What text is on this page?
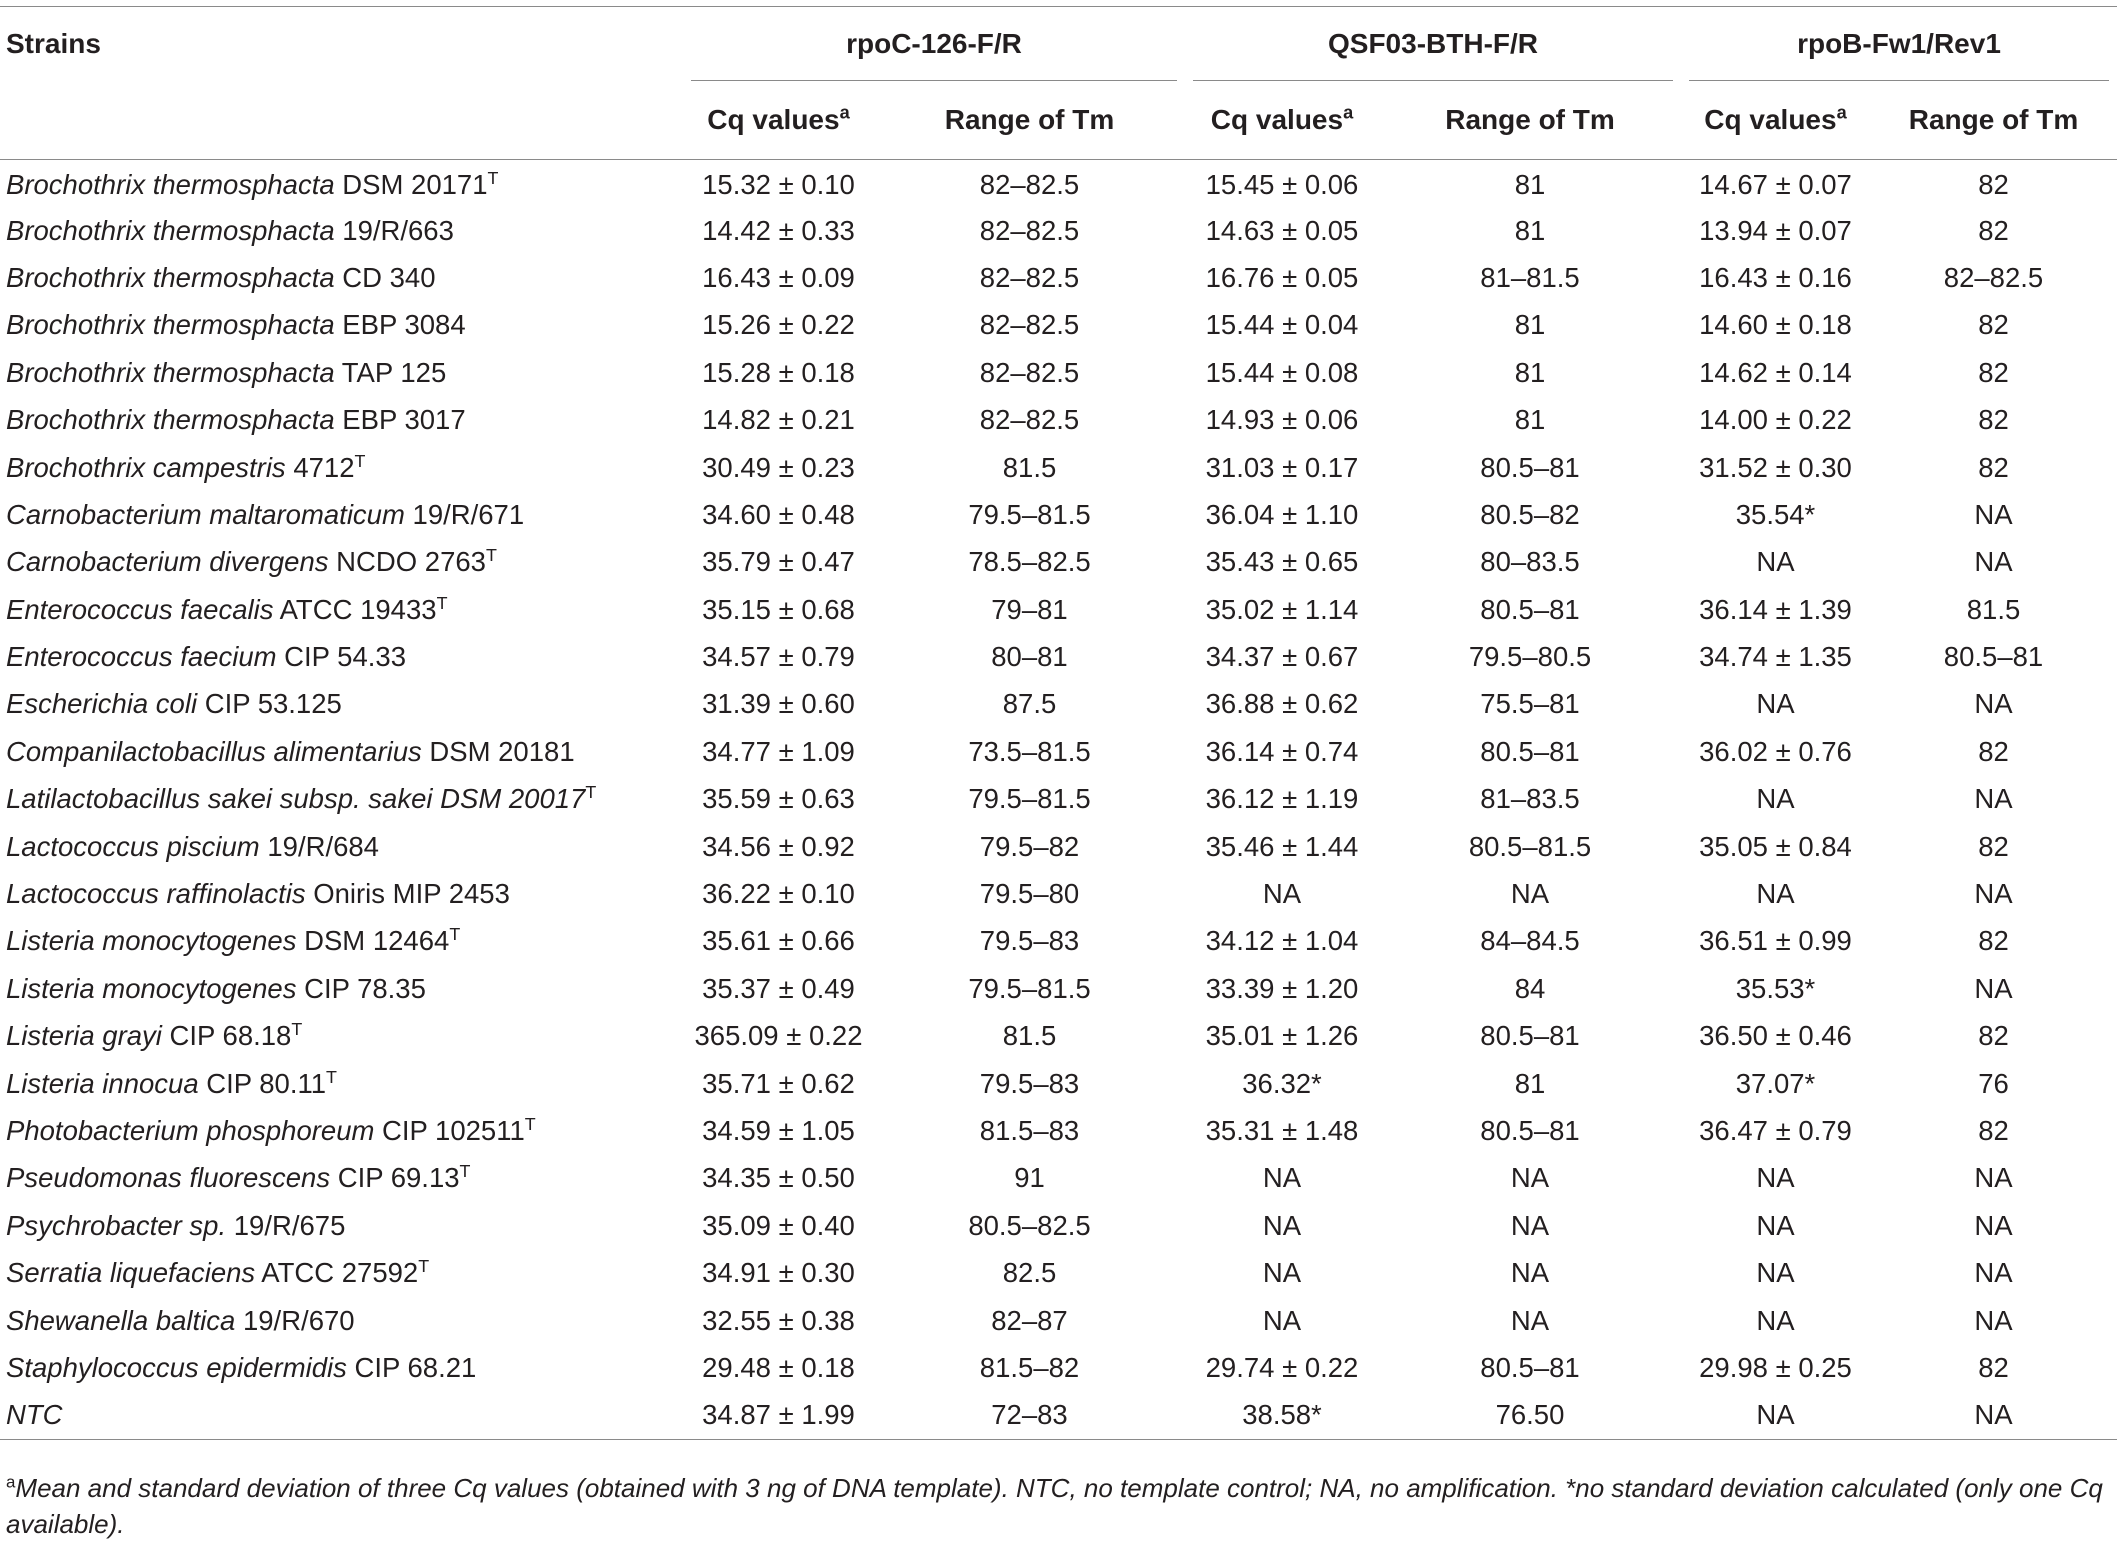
Strains	rpoC-126-F/R		QSF03-BTH-F/R		rpoB-Fw1/Rev1	

	Cq values$^a$	Range of Tm	Cq values$^a$	Range of Tm	Cq values$^a$	Range of Tm
Brochothrix thermosphacta DSM $20171^T$	15.32 ± 0.10	82–82.5	15.45 ± 0.06	81	14.67 ± 0.07	82
Brochothrix thermosphacta 19/R/663	14.42 ± 0.33	82–82.5	14.63 ± 0.05	81	13.94 ± 0.07	82
Brochothrix thermosphacta CD 340	16.43 ± 0.09	82–82.5	16.76 ± 0.05	81–81.5	16.43 ± 0.16	82–82.5
Brochothrix thermosphacta EBP 3084	15.26 ± 0.22	82–82.5	15.44 ± 0.04	81	14.60 ± 0.18	82
Brochothrix thermosphacta TAP 125	15.28 ± 0.18	82–82.5	15.44 ± 0.08	81	14.62 ± 0.14	82
Brochothrix thermosphacta EBP 3017	14.82 ± 0.21	82–82.5	14.93 ± 0.06	81	14.00 ± 0.22	82
Brochothrix campestris $4712^T$	30.49 ± 0.23	81.5	31.03 ± 0.17	80.5–81	31.52 ± 0.30	82
Carnobacterium maltaromaticum 19/R/671	34.60 ± 0.48	79.5–81.5	36.04 ± 1.10	80.5–82	35.54*	NA
Carnobacterium divergens NCDO $2763^T$	35.79 ± 0.47	78.5–82.5	35.43 ± 0.65	80–83.5	NA	NA
Enterococcus faecalis ATCC $19433^T$	35.15 ± 0.68	79–81	35.02 ± 1.14	80.5–81	36.14 ± 1.39	81.5
Enterococcus faecium CIP 54.33	34.57 ± 0.79	80–81	34.37 ± 0.67	79.5–80.5	34.74 ± 1.35	80.5–81
Escherichia coli CIP 53.125	31.39 ± 0.60	87.5	36.88 ± 0.62	75.5–81	NA	NA
Companilactobacillus alimentarius DSM 20181	34.77 ± 1.09	73.5–81.5	36.14 ± 0.74	80.5–81	36.02 ± 0.76	82
Latilactobacillus sakei subsp. sakei DSM $20017^T$	35.59 ± 0.63	79.5–81.5	36.12 ± 1.19	81–83.5	NA	NA
Lactococcus piscium 19/R/684	34.56 ± 0.92	79.5–82	35.46 ± 1.44	80.5–81.5	35.05 ± 0.84	82
Lactococcus raffinolactis Oniris MIP 2453	36.22 ± 0.10	79.5–80	NA	NA	NA	NA
Listeria monocytogenes DSM $12464^T$	35.61 ± 0.66	79.5–83	34.12 ± 1.04	84–84.5	36.51 ± 0.99	82
Listeria monocytogenes CIP 78.35	35.37 ± 0.49	79.5–81.5	33.39 ± 1.20	84	35.53*	NA
Listeria grayi CIP $68.18^T$	365.09 ± 0.22	81.5	35.01 ± 1.26	80.5–81	36.50 ± 0.46	82
Listeria innocua CIP $80.11^T$	35.71 ± 0.62	79.5–83	36.32*	81	37.07*	76
Photobacterium phosphoreum CIP $102511^T$	34.59 ± 1.05	81.5–83	35.31 ± 1.48	80.5–81	36.47 ± 0.79	82
Pseudomonas fluorescens CIP $69.13^T$	34.35 ± 0.50	91	NA	NA	NA	NA
Psychrobacter sp. 19/R/675	35.09 ± 0.40	80.5–82.5	NA	NA	NA	NA
Serratia liquefaciens ATCC $27592^T$	34.91 ± 0.30	82.5	NA	NA	NA	NA
Shewanella baltica 19/R/670	32.55 ± 0.38	82–87	NA	NA	NA	NA
Staphylococcus epidermidis CIP 68.21	29.48 ± 0.18	81.5–82	29.74 ± 0.22	80.5–81	29.98 ± 0.25	82
NTC	34.87 ± 1.99	72–83	38.58*	76.50	NA	NA

$^a$Mean and standard deviation of three Cq values (obtained with 3 ng of DNA template). NTC, no template control; NA, no amplification. *no standard deviation calculated (only one Cq available).
